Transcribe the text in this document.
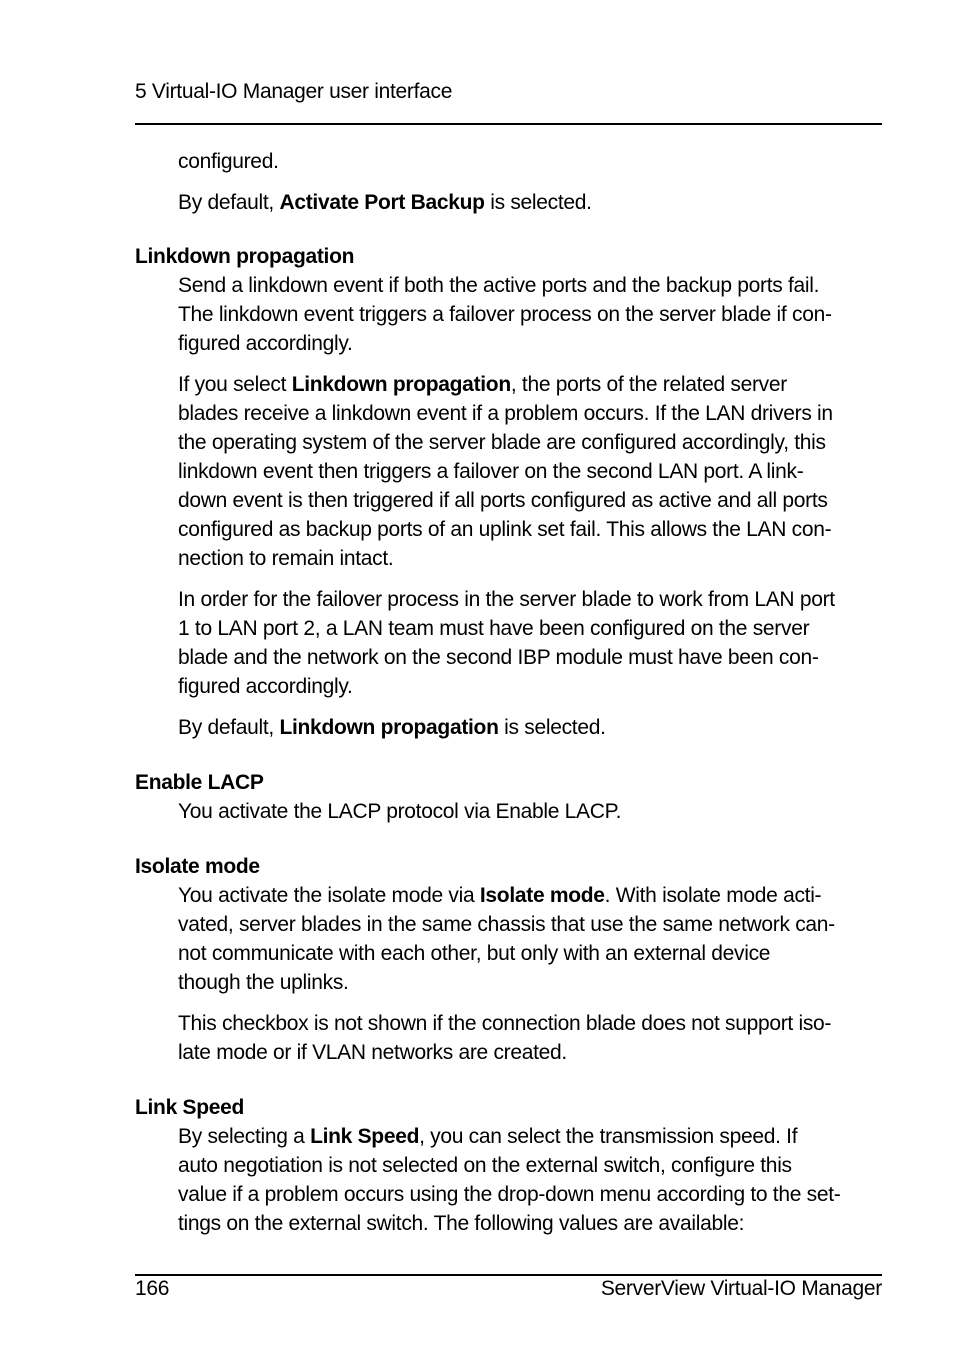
5 Virtual-IO Manager user interface

configured.

By default, Activate Port Backup is selected.

Linkdown propagation

Send a linkdown event if both the active ports and the backup ports fail.
The linkdown event triggers a failover process on the server blade if con-
figured accordingly.

If you select Linkdown propagation, the ports of the related server
blades receive a linkdown event if a problem occurs. If the LAN drivers in
the operating system of the server blade are configured accordingly, this
linkdown event then triggers a failover on the second LAN port. A link-
down event is then triggered if all ports configured as active and all ports
configured as backup ports of an uplink set fail. This allows the LAN con-
nection to remain intact.

In order for the failover process in the server blade to work from LAN port
1 to LAN port 2, a LAN team must have been configured on the server
blade and the network on the second IBP module must have been con-
figured accordingly.

By default, Linkdown propagation is selected.

Enable LACP

You activate the LACP protocol via Enable LACP.

Isolate mode

You activate the isolate mode via Isolate mode. With isolate mode acti-
vated, server blades in the same chassis that use the same network can-
not communicate with each other, but only with an external device
though the uplinks.

This checkbox is not shown if the connection blade does not support iso-
late mode or if VLAN networks are created.

Link Speed

By selecting a Link Speed, you can select the transmission speed. If
auto negotiation is not selected on the external switch, configure this
value if a problem occurs using the drop-down menu according to the set-
tings on the external switch. The following values are available:

166	ServerView Virtual-IO Manager
